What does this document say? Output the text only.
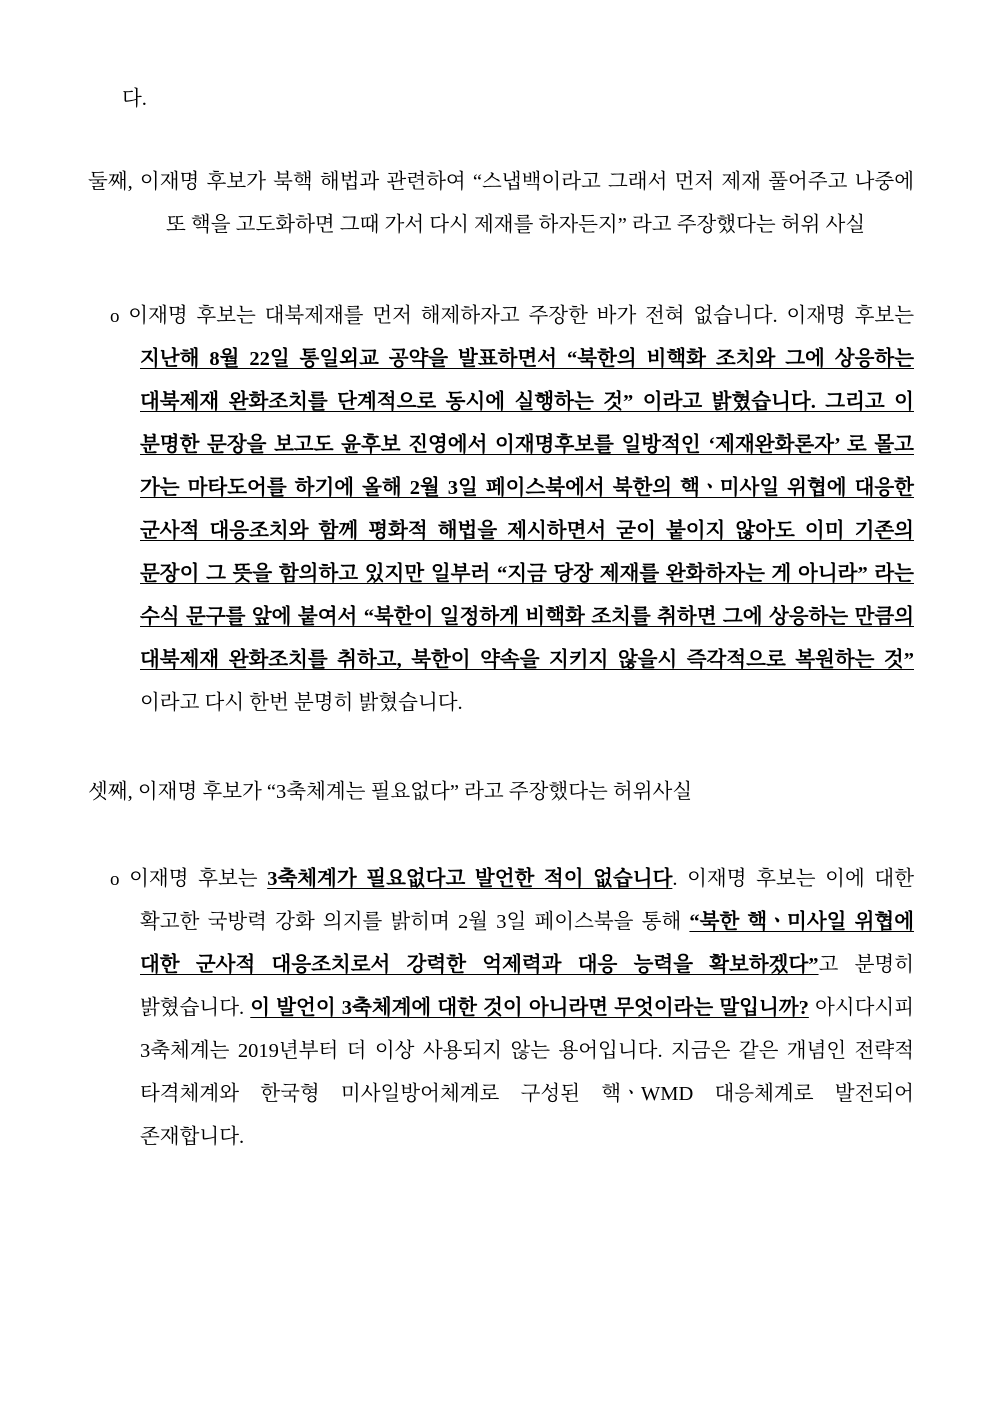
다.

둘째, 이재명 후보가 북핵 해법과 관련하여 “스냅백이라고 그래서 먼저 제재 풀어주고 나중에 또 핵을 고도화하면 그때 가서 다시 제재를 하자든지” 라고 주장했다는 허위 사실

o 이재명 후보는 대북제재를 먼저 해제하자고 주장한 바가 전혀 없습니다. 이재명 후보는 지난해 8월 22일 통일외교 공약을 발표하면서 “북한의 비핵화 조치와 그에 상응하는 대북제재 완화조치를 단계적으로 동시에 실행하는 것” 이라고 밝혔습니다. 그리고 이 분명한 문장을 보고도 윤후보 진영에서 이재명후보를 일방적인 ‘제재완화론자’ 로 몰고 가는 마타도어를 하기에 올해 2월 3일 페이스북에서 북한의 핵ㆍ미사일 위협에 대응한 군사적 대응조치와 함께 평화적 해법을 제시하면서 굳이 붙이지 않아도 이미 기존의 문장이 그 뜻을 함의하고 있지만 일부러 “지금 당장 제재를 완화하자는 게 아니라” 라는 수식 문구를 앞에 붙여서 “북한이 일정하게 비핵화 조치를 취하면 그에 상응하는 만큼의 대북제재 완화조치를 취하고, 북한이 약속을 지키지 않을시 즉각적으로 복원하는 것” 이라고 다시 한번 분명히 밝혔습니다.

셋째, 이재명 후보가 “3축체계는 필요없다” 라고 주장했다는 허위사실

o 이재명 후보는 3축체계가 필요없다고 발언한 적이 없습니다. 이재명 후보는 이에 대한 확고한 국방력 강화 의지를 밝히며 2월 3일 페이스북을 통해 “북한 핵ㆍ미사일 위협에 대한 군사적 대응조치로서 강력한 억제력과 대응 능력을 확보하겠다”고 분명히 밝혔습니다. 이 발언이 3축체계에 대한 것이 아니라면 무엇이라는 말입니까? 아시다시피 3축체계는 2019년부터 더 이상 사용되지 않는 용어입니다. 지금은 같은 개념인 전략적 타격체계와 한국형 미사일방어체계로 구성된 핵ㆍWMD 대응체계로 발전되어 존재합니다.
